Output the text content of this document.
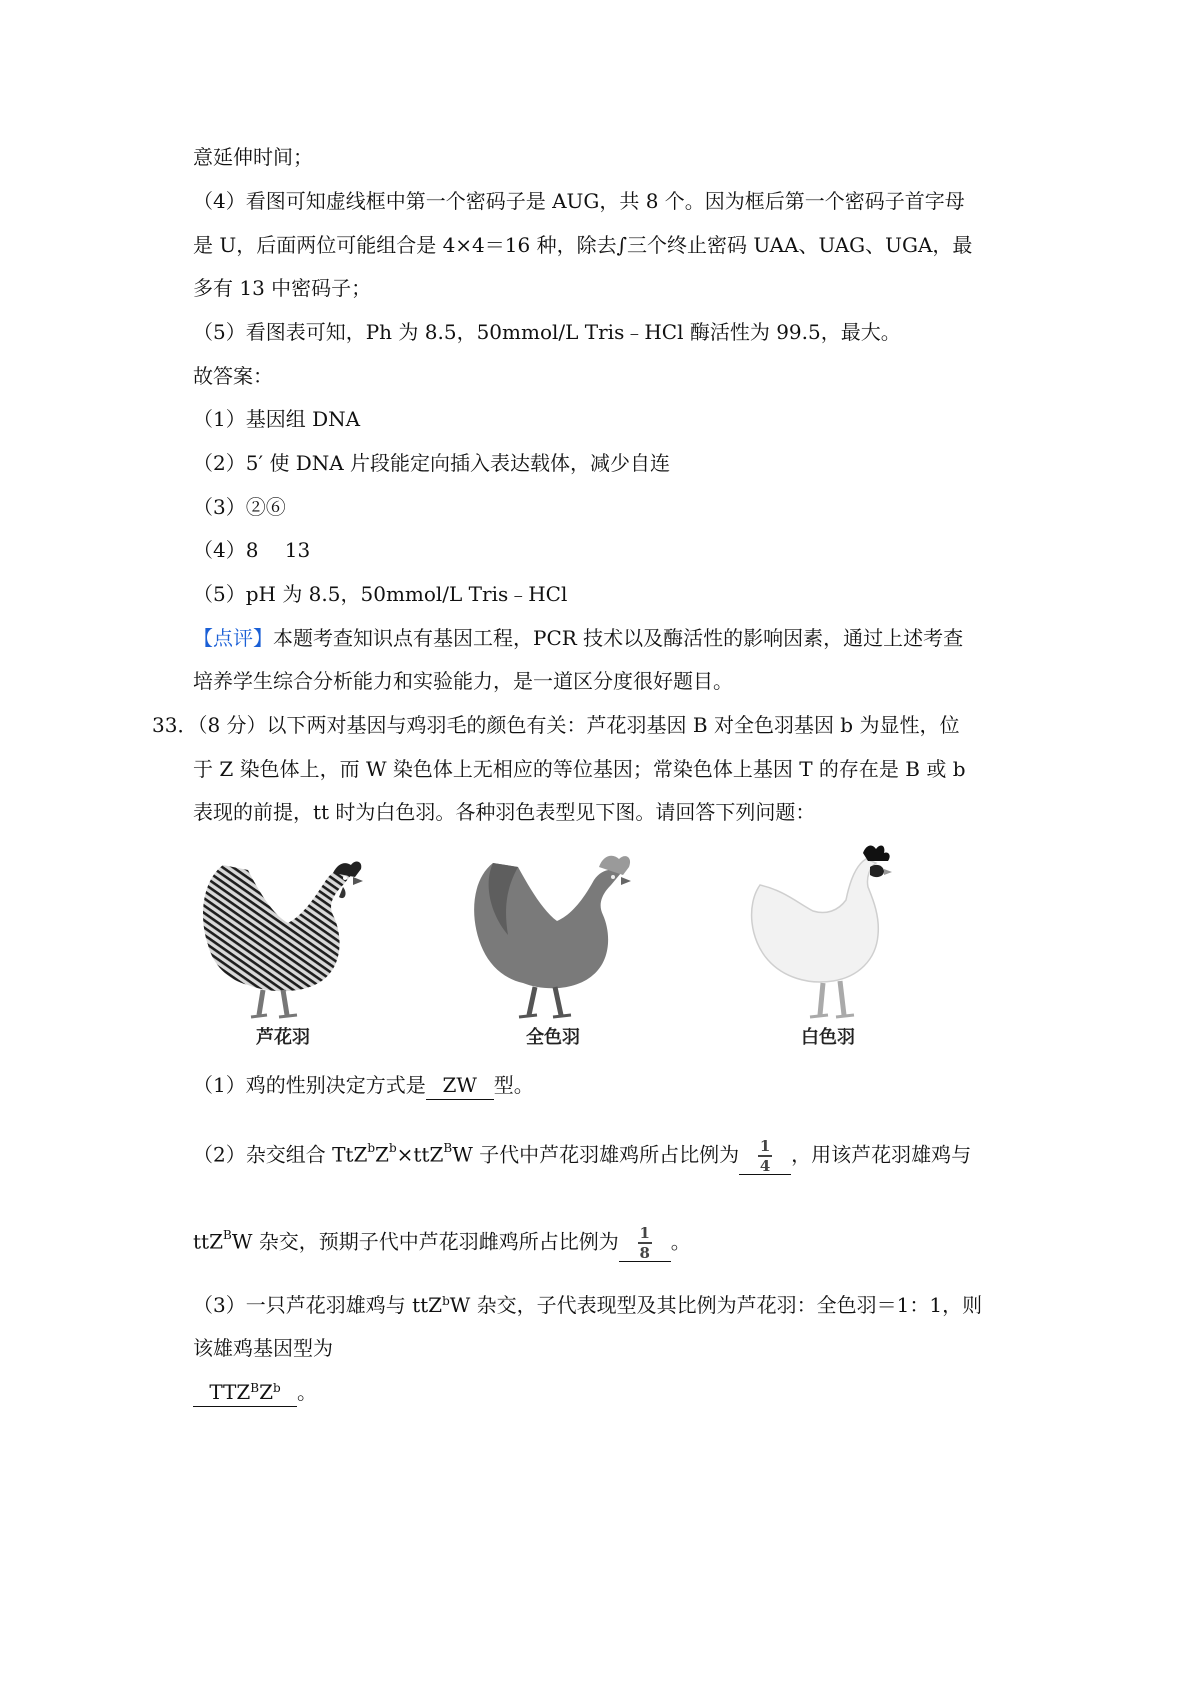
意延伸时间；
（4）看图可知虚线框中第一个密码子是 AUG，共 8 个。因为框后第一个密码子首字母
是 U，后面两位可能组合是 4×4＝16 种，除去∫三个终止密码 UAA、UAG、UGA，最
多有 13 中密码子；
（5）看图表可知，Ph 为 8.5，50mmol/L Tris﹣HCl 酶活性为 99.5，最大。
故答案：
（1）基因组 DNA
（2）5′ 使 DNA 片段能定向插入表达载体，减少自连
（3）②⑥
（4）8　 13
（5）pH 为 8.5，50mmol/L Tris﹣HCl
【点评】本题考查知识点有基因工程，PCR 技术以及酶活性的影响因素，通过上述考查
培养学生综合分析能力和实验能力，是一道区分度很好题目。
33．（8 分）以下两对基因与鸡羽毛的颜色有关：芦花羽基因 B 对全色羽基因 b 为显性，位
于 Z 染色体上，而 W 染色体上无相应的等位基因；常染色体上基因 T 的存在是 B 或 b
表现的前提，tt 时为白色羽。各种羽色表型见下图。请回答下列问题：
芦花羽	全色羽	白色羽
（1）鸡的性别决定方式是 ZW 型。
（2）杂交组合 $TtZ^bZ^b\times ttZ^BW$ 子代中芦花羽雄鸡所占比例为 $\frac{1}{4}$ ，用该芦花羽雄鸡与
ttZ$^B$W 杂交，预期子代中芦花羽雌鸡所占比例为 $\frac{1}{8}$ 。
（3）一只芦花羽雄鸡与 ttZ$^b$W 杂交，子代表现型及其比例为芦花羽：全色羽＝1：1，则
该雄鸡基因型为
$TTZ^BZ^b$ 。
